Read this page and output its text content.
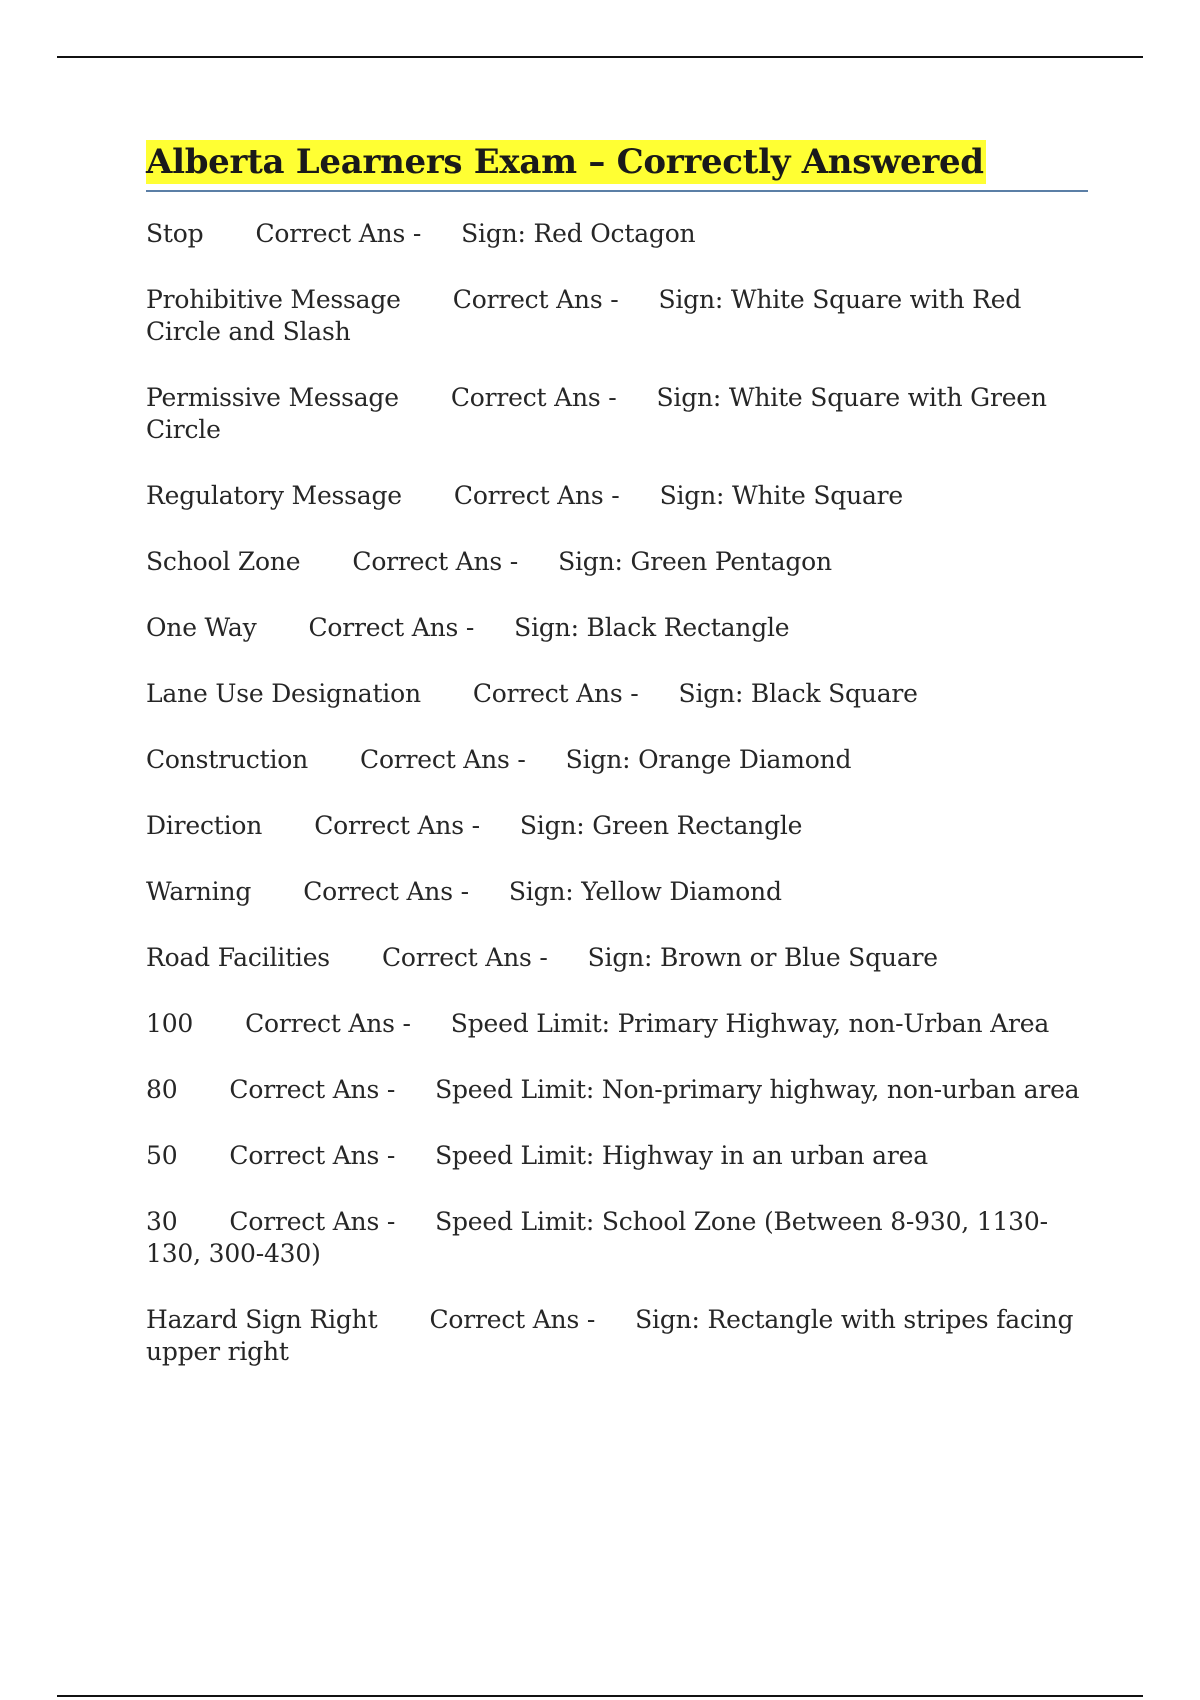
Alberta Learners Exam – Correctly Answered
Stop Correct Ans - Sign: Red Octagon
Prohibitive Message Correct Ans - Sign: White Square with Red Circle and Slash
Permissive Message Correct Ans - Sign: White Square with Green Circle
Regulatory Message Correct Ans - Sign: White Square
School Zone Correct Ans - Sign: Green Pentagon
One Way Correct Ans - Sign: Black Rectangle
Lane Use Designation Correct Ans - Sign: Black Square
Construction Correct Ans - Sign: Orange Diamond
Direction Correct Ans - Sign: Green Rectangle
Warning Correct Ans - Sign: Yellow Diamond
Road Facilities Correct Ans - Sign: Brown or Blue Square
100 Correct Ans - Speed Limit: Primary Highway, non-Urban Area
80 Correct Ans - Speed Limit: Non-primary highway, non-urban area
50 Correct Ans - Speed Limit: Highway in an urban area
30 Correct Ans - Speed Limit: School Zone (Between 8-930, 1130-130, 300-430)
Hazard Sign Right Correct Ans - Sign: Rectangle with stripes facing upper right
